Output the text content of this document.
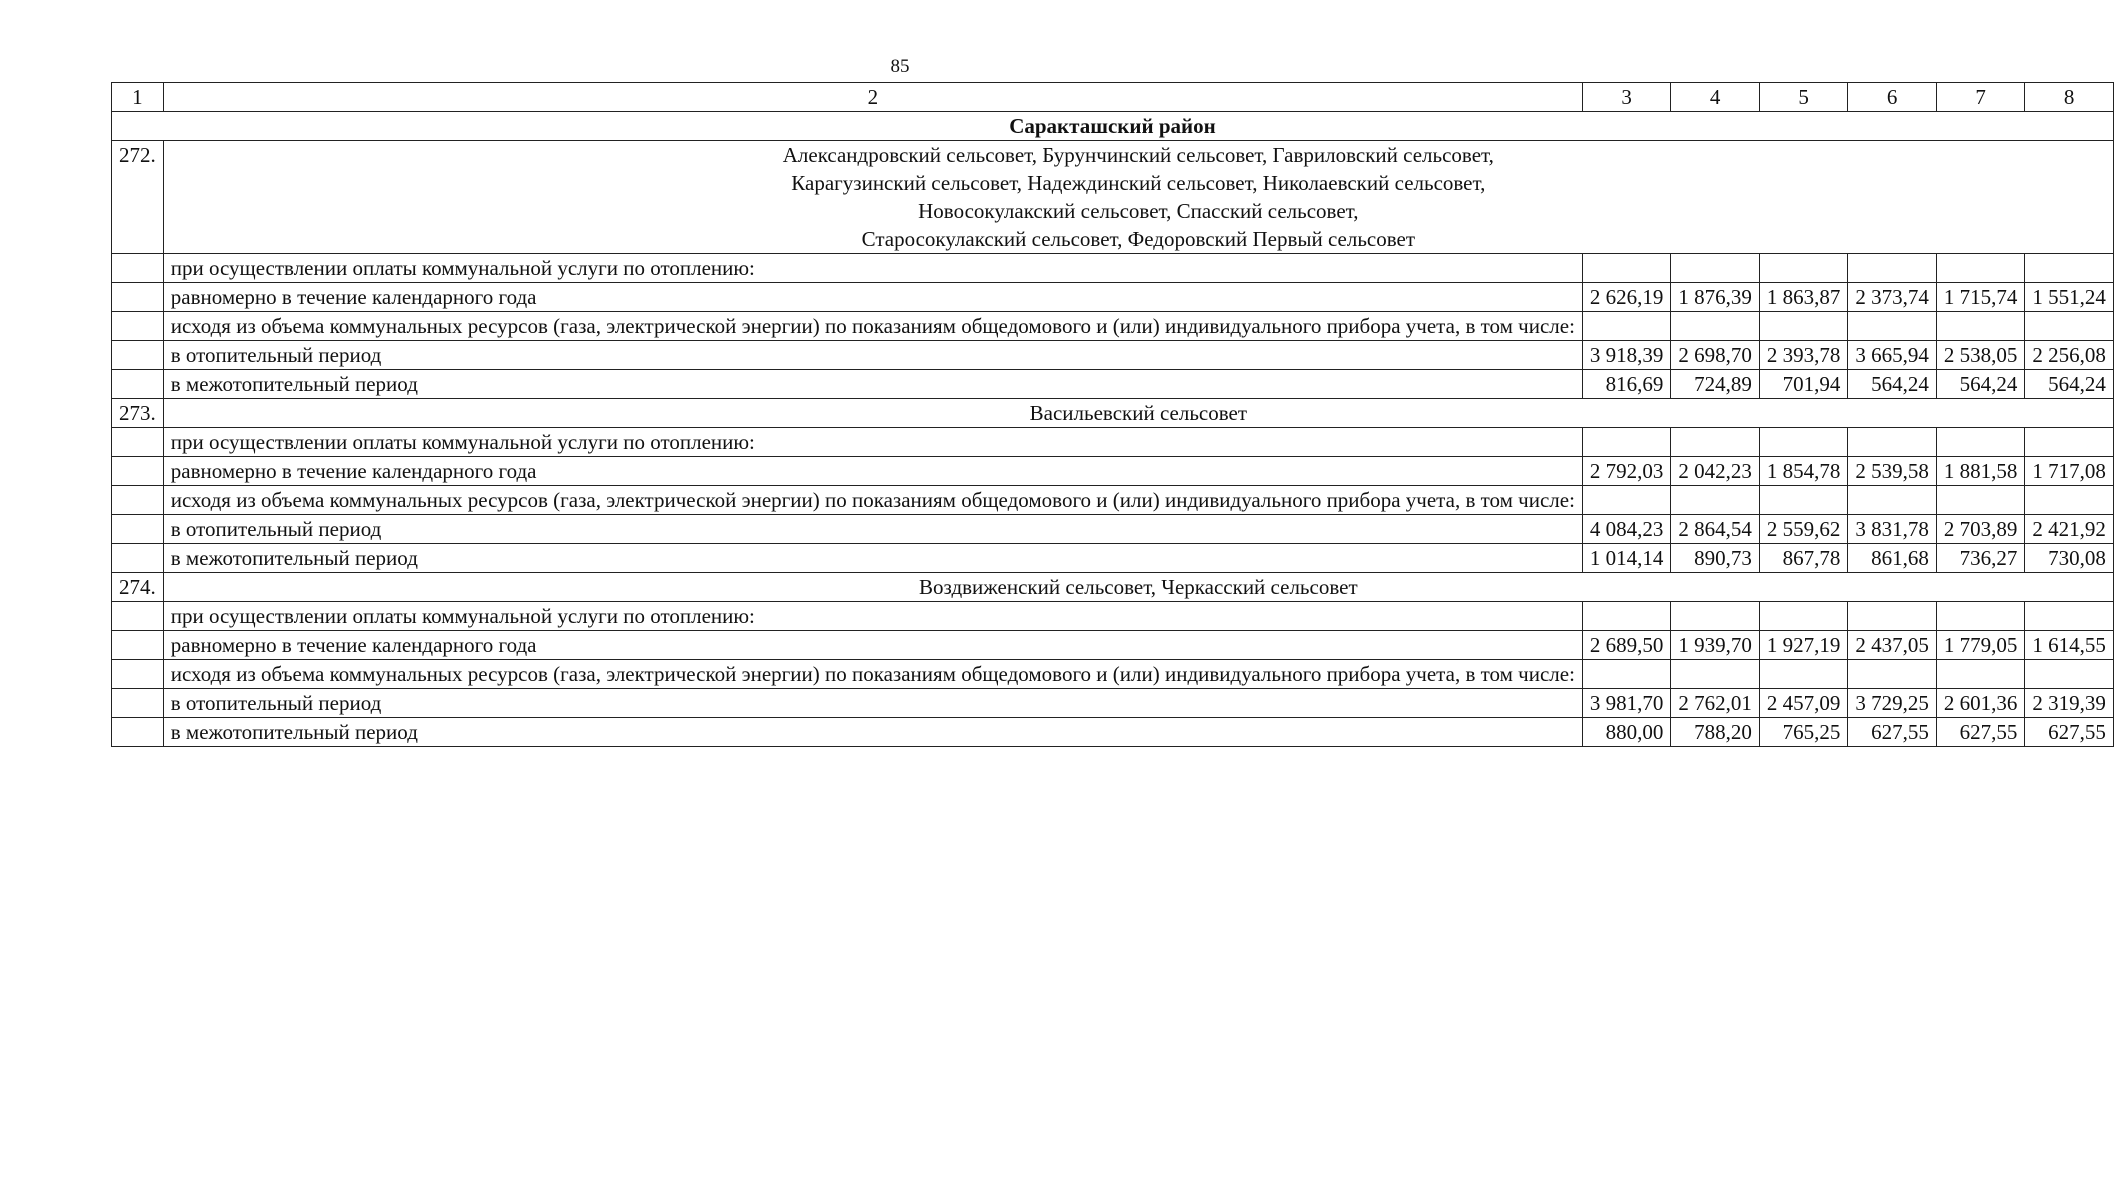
85
1	2	3	4	5	6	7	8
Саракташский район							
272.	Александровский сельсовет, Бурунчинский сельсовет, Гавриловский сельсовет,
Карагузинский сельсовет, Надеждинский сельсовет, Николаевский сельсовет,
Новосокулакский сельсовет, Спасский сельсовет,
Старосокулакский сельсовет, Федоровский Первый сельсовет						

	при осуществлении оплаты коммунальной услуги по отоплению:						
	равномерно в течение календарного года	2 626,19	1 876,39	1 863,87	2 373,74	1 715,74	1 551,24
	исходя из объема коммунальных ресурсов (газа, электрической энергии) по показаниям общедомового и (или) индивидуального прибора учета, в том числе:						
	в отопительный период	3 918,39	2 698,70	2 393,78	3 665,94	2 538,05	2 256,08
	в межотопительный период	816,69	724,89	701,94	564,24	564,24	564,24
273.	Васильевский сельсовет						

	при осуществлении оплаты коммунальной услуги по отоплению:						
	равномерно в течение календарного года	2 792,03	2 042,23	1 854,78	2 539,58	1 881,58	1 717,08
	исходя из объема коммунальных ресурсов (газа, электрической энергии) по показаниям общедомового и (или) индивидуального прибора учета, в том числе:						
	в отопительный период	4 084,23	2 864,54	2 559,62	3 831,78	2 703,89	2 421,92
	в межотопительный период	1 014,14	890,73	867,78	861,68	736,27	730,08
274.	Воздвиженский сельсовет, Черкасский сельсовет						

	при осуществлении оплаты коммунальной услуги по отоплению:						
	равномерно в течение календарного года	2 689,50	1 939,70	1 927,19	2 437,05	1 779,05	1 614,55
	исходя из объема коммунальных ресурсов (газа, электрической энергии) по показаниям общедомового и (или) индивидуального прибора учета, в том числе:						
	в отопительный период	3 981,70	2 762,01	2 457,09	3 729,25	2 601,36	2 319,39
	в межотопительный период	880,00	788,20	765,25	627,55	627,55	627,55
